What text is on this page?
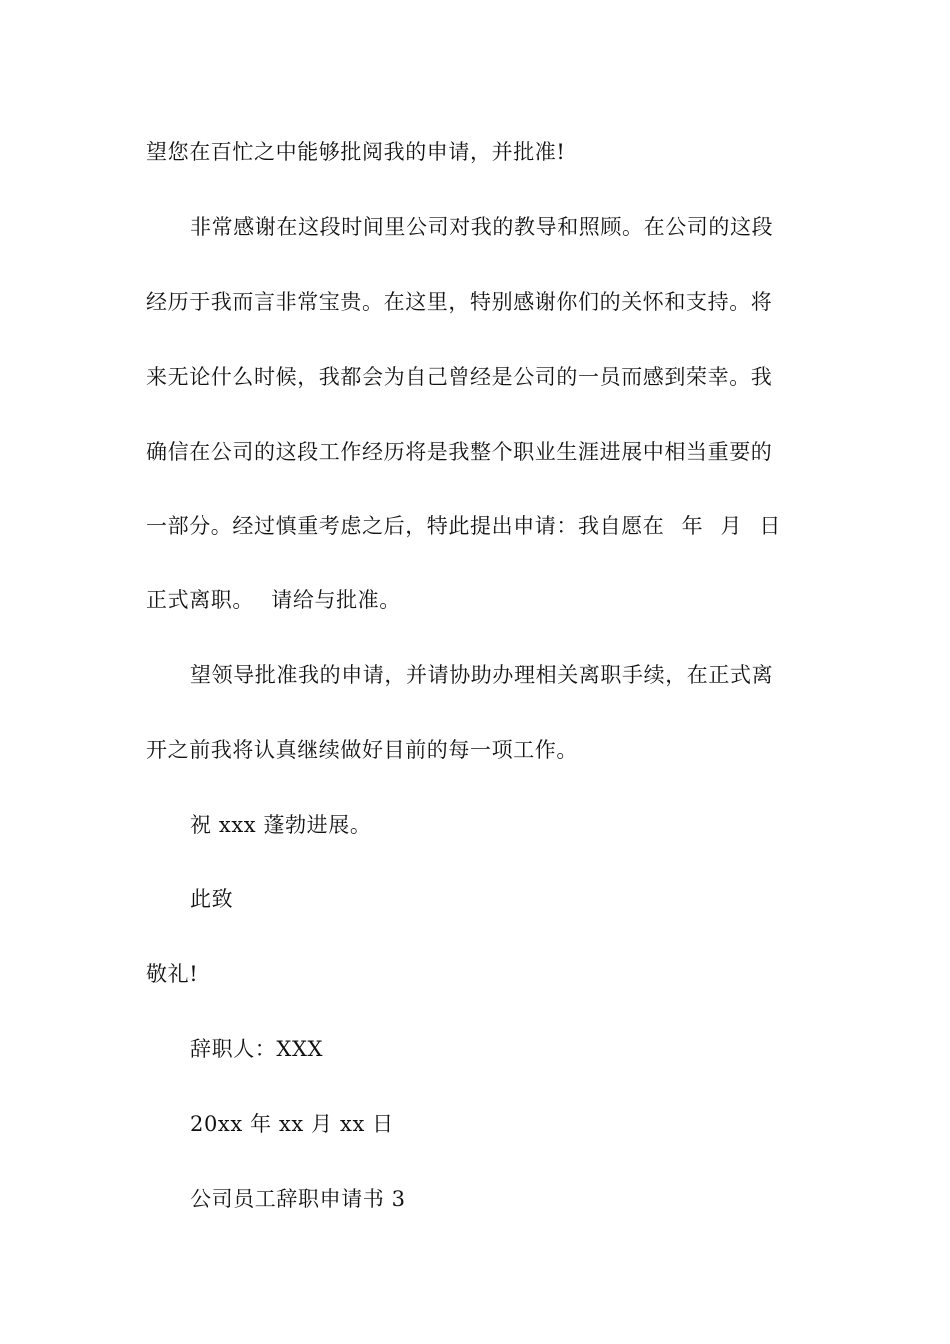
望您在百忙之中能够批阅我的申请，并批准!
非常感谢在这段时间里公司对我的教导和照顾。在公司的这段
经历于我而言非常宝贵。在这里，特别感谢你们的关怀和支持。将
来无论什么时候，我都会为自己曾经是公司的一员而感到荣幸。我
确信在公司的这段工作经历将是我整个职业生涯进展中相当重要的
一部分。经过慎重考虑之后，特此提出申请：我自愿在 年 月 日
正式离职。 请给与批准。
望领导批准我的申请，并请协助办理相关离职手续，在正式离
开之前我将认真继续做好目前的每一项工作。
祝 xxx 蓬勃进展。
此致
敬礼!
辞职人：XXX
20xx 年 xx 月 xx 日
公司员工辞职申请书 3
